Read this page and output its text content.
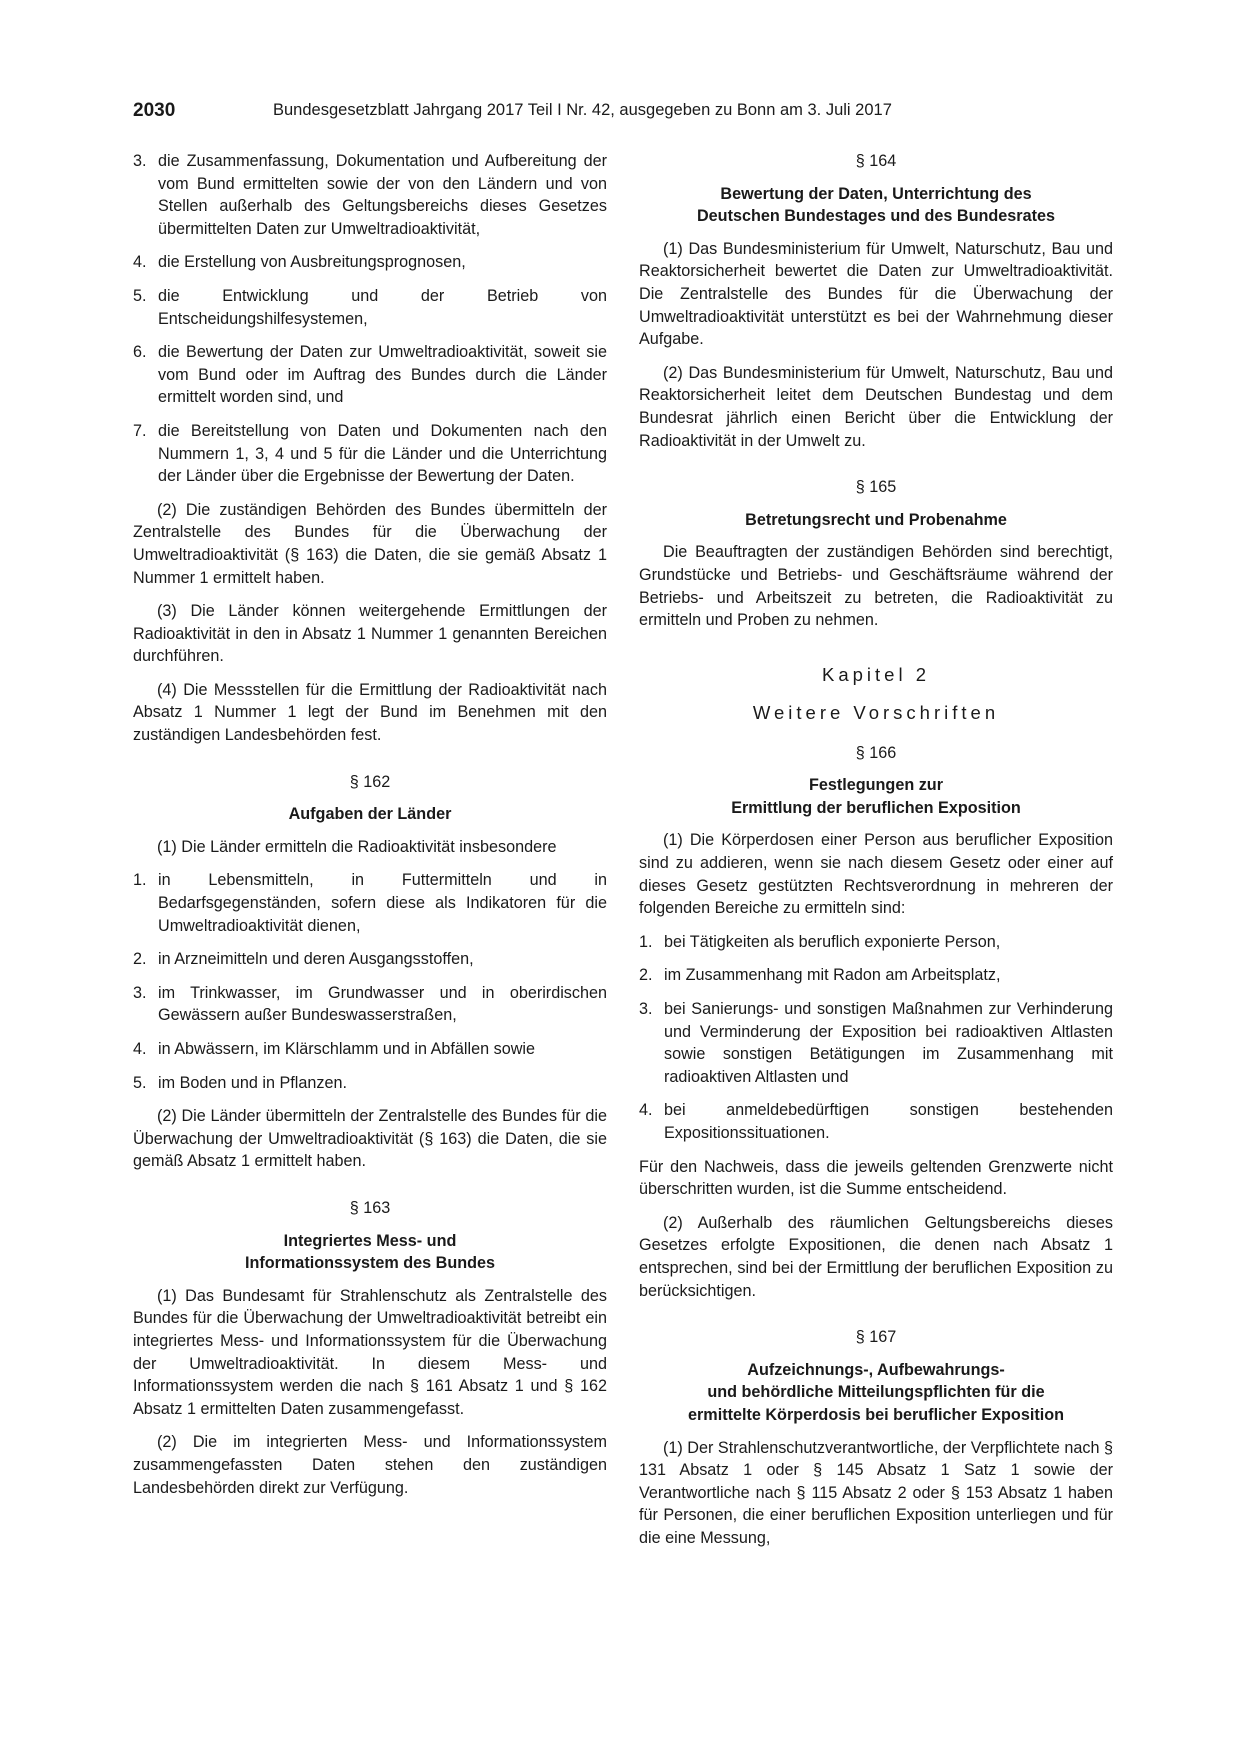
2030	Bundesgesetzblatt Jahrgang 2017 Teil I Nr. 42, ausgegeben zu Bonn am 3. Juli 2017
3. die Zusammenfassung, Dokumentation und Aufbereitung der vom Bund ermittelten sowie der von den Ländern und von Stellen außerhalb des Geltungsbereichs dieses Gesetzes übermittelten Daten zur Umweltradioaktivität,
4. die Erstellung von Ausbreitungsprognosen,
5. die Entwicklung und der Betrieb von Entscheidungshilfesystemen,
6. die Bewertung der Daten zur Umweltradioaktivität, soweit sie vom Bund oder im Auftrag des Bundes durch die Länder ermittelt worden sind, und
7. die Bereitstellung von Daten und Dokumenten nach den Nummern 1, 3, 4 und 5 für die Länder und die Unterrichtung der Länder über die Ergebnisse der Bewertung der Daten.

(2) Die zuständigen Behörden des Bundes übermitteln der Zentralstelle des Bundes für die Überwachung der Umweltradioaktivität (§ 163) die Daten, die sie gemäß Absatz 1 Nummer 1 ermittelt haben.

(3) Die Länder können weitergehende Ermittlungen der Radioaktivität in den in Absatz 1 Nummer 1 genannten Bereichen durchführen.

(4) Die Messstellen für die Ermittlung der Radioaktivität nach Absatz 1 Nummer 1 legt der Bund im Benehmen mit den zuständigen Landesbehörden fest.

§ 162
Aufgaben der Länder

(1) Die Länder ermitteln die Radioaktivität insbesondere

1. in Lebensmitteln, in Futtermitteln und in Bedarfsgegenständen, sofern diese als Indikatoren für die Umweltradioaktivität dienen,
2. in Arzneimitteln und deren Ausgangsstoffen,
3. im Trinkwasser, im Grundwasser und in oberirdischen Gewässern außer Bundeswasserstraßen,
4. in Abwässern, im Klärschlamm und in Abfällen sowie
5. im Boden und in Pflanzen.

(2) Die Länder übermitteln der Zentralstelle des Bundes für die Überwachung der Umweltradioaktivität (§ 163) die Daten, die sie gemäß Absatz 1 ermittelt haben.

§ 163
Integriertes Mess- und
Informationssystem des Bundes

(1) Das Bundesamt für Strahlenschutz als Zentralstelle des Bundes für die Überwachung der Umweltradioaktivität betreibt ein integriertes Mess- und Informationssystem für die Überwachung der Umweltradioaktivität. In diesem Mess- und Informationssystem werden die nach § 161 Absatz 1 und § 162 Absatz 1 ermittelten Daten zusammengefasst.

(2) Die im integrierten Mess- und Informationssystem zusammengefassten Daten stehen den zuständigen Landesbehörden direkt zur Verfügung.

§ 164
Bewertung der Daten, Unterrichtung des
Deutschen Bundestages und des Bundesrates

(1) Das Bundesministerium für Umwelt, Naturschutz, Bau und Reaktorsicherheit bewertet die Daten zur Umweltradioaktivität. Die Zentralstelle des Bundes für die Überwachung der Umweltradioaktivität unterstützt es bei der Wahrnehmung dieser Aufgabe.

(2) Das Bundesministerium für Umwelt, Naturschutz, Bau und Reaktorsicherheit leitet dem Deutschen Bundestag und dem Bundesrat jährlich einen Bericht über die Entwicklung der Radioaktivität in der Umwelt zu.

§ 165
Betretungsrecht und Probenahme

Die Beauftragten der zuständigen Behörden sind berechtigt, Grundstücke und Betriebs- und Geschäftsräume während der Betriebs- und Arbeitszeit zu betreten, die Radioaktivität zu ermitteln und Proben zu nehmen.

Kapitel 2
Weitere Vorschriften
§ 166
Festlegungen zur
Ermittlung der beruflichen Exposition

(1) Die Körperdosen einer Person aus beruflicher Exposition sind zu addieren, wenn sie nach diesem Gesetz oder einer auf dieses Gesetz gestützten Rechtsverordnung in mehreren der folgenden Bereiche zu ermitteln sind:

1. bei Tätigkeiten als beruflich exponierte Person,
2. im Zusammenhang mit Radon am Arbeitsplatz,
3. bei Sanierungs- und sonstigen Maßnahmen zur Verhinderung und Verminderung der Exposition bei radioaktiven Altlasten sowie sonstigen Betätigungen im Zusammenhang mit radioaktiven Altlasten und
4. bei anmeldebedürftigen sonstigen bestehenden Expositionssituationen.

Für den Nachweis, dass die jeweils geltenden Grenzwerte nicht überschritten wurden, ist die Summe entscheidend.

(2) Außerhalb des räumlichen Geltungsbereichs dieses Gesetzes erfolgte Expositionen, die denen nach Absatz 1 entsprechen, sind bei der Ermittlung der beruflichen Exposition zu berücksichtigen.

§ 167
Aufzeichnungs-, Aufbewahrungs-
und behördliche Mitteilungspflichten für die
ermittelte Körperdosis bei beruflicher Exposition

(1) Der Strahlenschutzverantwortliche, der Verpflichtete nach § 131 Absatz 1 oder § 145 Absatz 1 Satz 1 sowie der Verantwortliche nach § 115 Absatz 2 oder § 153 Absatz 1 haben für Personen, die einer beruflichen Exposition unterliegen und für die eine Messung,
